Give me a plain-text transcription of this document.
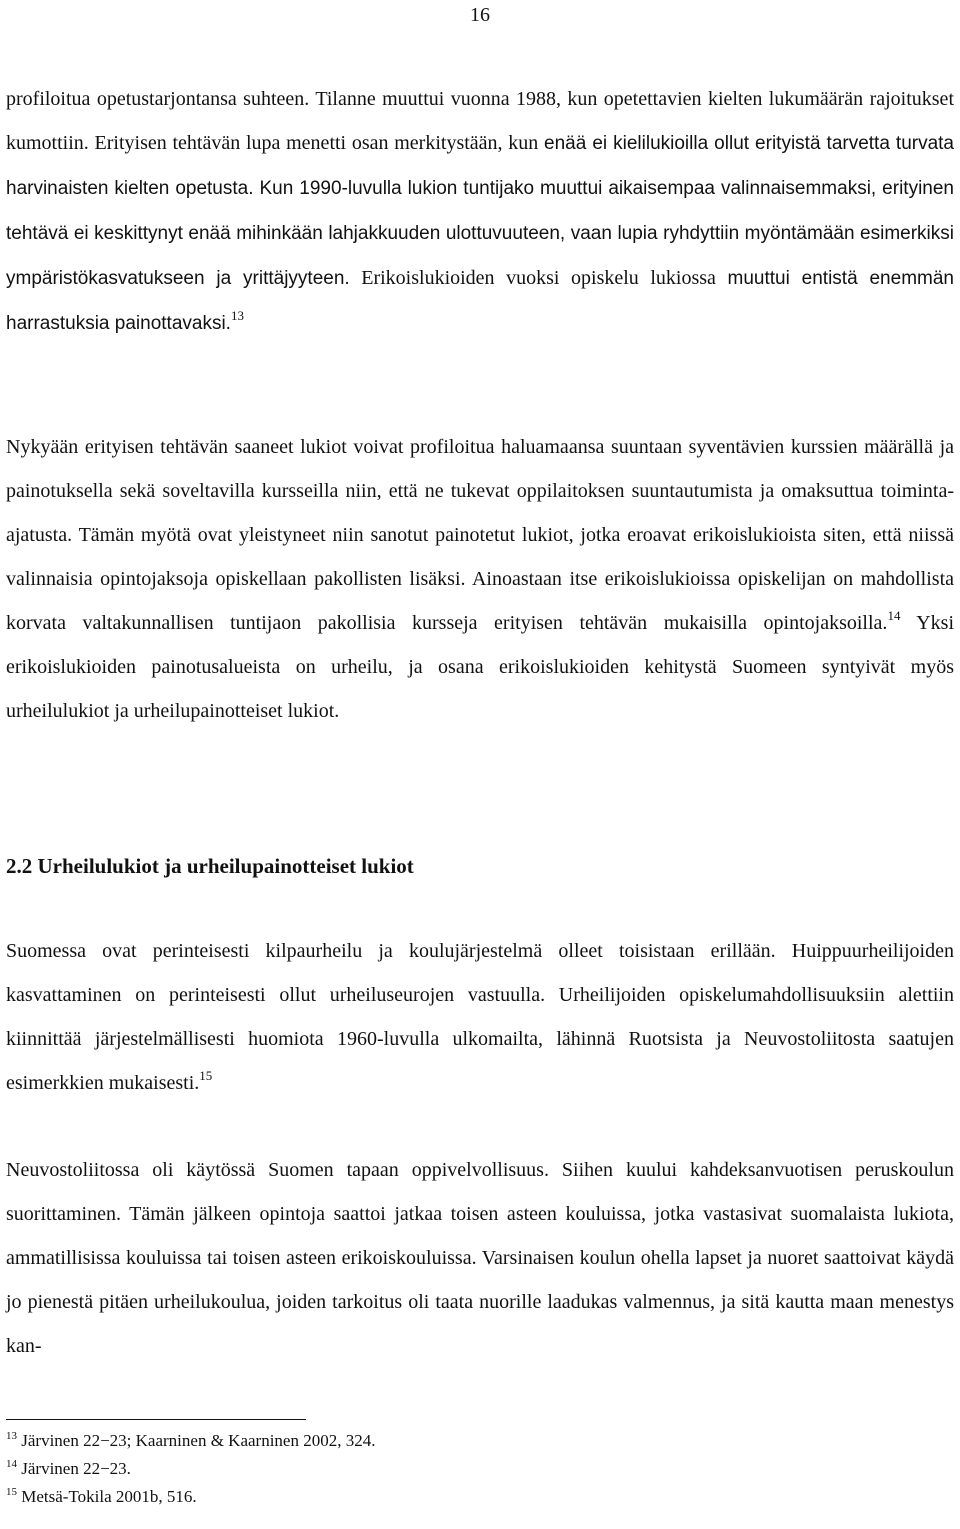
16

profiloitua opetustarjontansa suhteen. Tilanne muuttui vuonna 1988, kun opetettavien kielten lukumäärän rajoitukset kumottiin. Erityisen tehtävän lupa menetti osan merkitystään, kun enää ei kielilukioilla ollut erityistä tarvetta turvata harvinaisten kielten opetusta. Kun 1990-luvulla lukion tuntijako muuttui aikaisempaa valinnaisemmaksi, erityinen tehtävä ei keskittynyt enää mihinkään lahjakkuuden ulottuvuuteen, vaan lupia ryhdyttiin myöntämään esimerkiksi ympäristökasvatukseen ja yrittäjyyteen. Erikoislukioiden vuoksi opiskelu lukiossa muuttui entistä enemmän harrastuksia painottavaksi.$^{13}$

Nykyään erityisen tehtävän saaneet lukiot voivat profiloitua haluamaansa suuntaan syventävien kurssien määrällä ja painotuksella sekä soveltavilla kursseilla niin, että ne tukevat oppilaitoksen suuntautumista ja omaksuttua toiminta-ajatusta. Tämän myötä ovat yleistyneet niin sanotut painotetut lukiot, jotka eroavat erikoislukioista siten, että niissä valinnaisia opintojaksoja opiskellaan pakollisten lisäksi. Ainoastaan itse erikoislukioissa opiskelijan on mahdollista korvata valtakunnallisen tuntijaon pakollisia kursseja erityisen tehtävän mukaisilla opintojaksoilla.$^{14}$ Yksi erikoislukioiden painotusalueista on urheilu, ja osana erikoislukioiden kehitystä Suomeen syntyivät myös urheilulukiot ja urheilupainotteiset lukiot.

2.2 Urheilulukiot ja urheilupainotteiset lukiot

Suomessa ovat perinteisesti kilpaurheilu ja koulujärjestelmä olleet toisistaan erillään. Huippuurheilijoiden kasvattaminen on perinteisesti ollut urheiluseurojen vastuulla. Urheilijoiden opiskelumahdollisuuksiin alettiin kiinnittää järjestelmällisesti huomiota 1960-luvulla ulkomailta, lähinnä Ruotsista ja Neuvostoliitosta saatujen esimerkkien mukaisesti.$^{15}$

Neuvostoliitossa oli käytössä Suomen tapaan oppivelvollisuus. Siihen kuului kahdeksanvuotisen peruskoulun suorittaminen. Tämän jälkeen opintoja saattoi jatkaa toisen asteen kouluissa, jotka vastasivat suomalaista lukiota, ammatillisissa kouluissa tai toisen asteen erikoiskouluissa. Varsinaisen koulun ohella lapset ja nuoret saattoivat käydä jo pienestä pitäen urheilukoulua, joiden tarkoitus oli taata nuorille laadukas valmennus, ja sitä kautta maan menestys kan-

$^{13}$ Järvinen 22−23; Kaarninen & Kaarninen 2002, 324.
$^{14}$ Järvinen 22−23.
$^{15}$ Metsä-Tokila 2001b, 516.
